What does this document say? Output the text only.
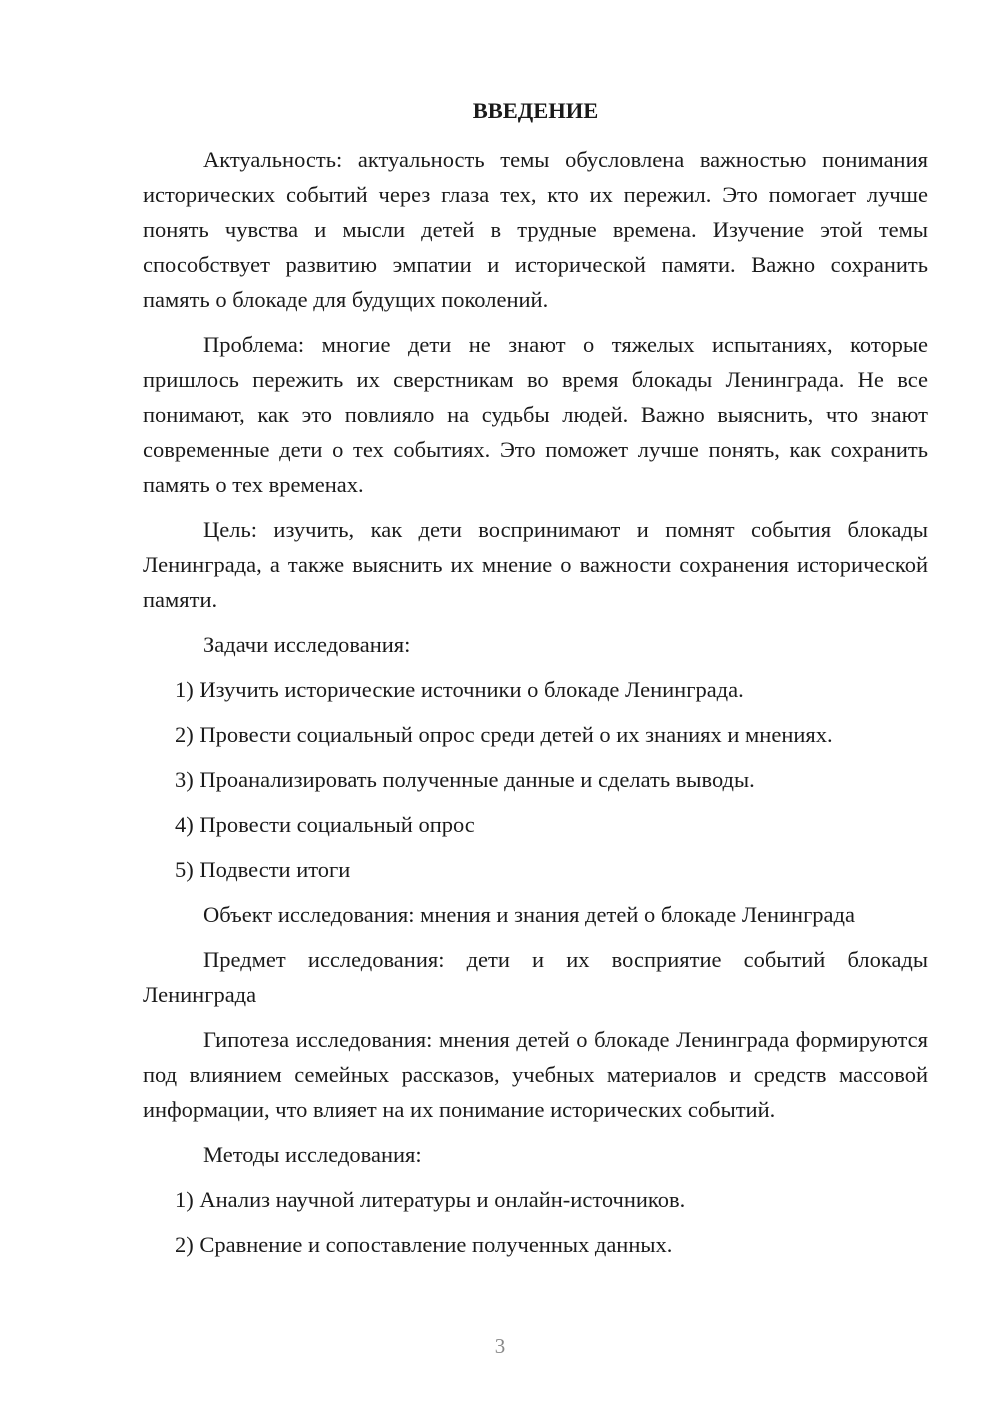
ВВЕДЕНИЕ

Актуальность: актуальность темы обусловлена важностью понимания исторических событий через глаза тех, кто их пережил. Это помогает лучше понять чувства и мысли детей в трудные времена. Изучение этой темы способствует развитию эмпатии и исторической памяти. Важно сохранить память о блокаде для будущих поколений.

Проблема: многие дети не знают о тяжелых испытаниях, которые пришлось пережить их сверстникам во время блокады Ленинграда. Не все понимают, как это повлияло на судьбы людей. Важно выяснить, что знают современные дети о тех событиях. Это поможет лучше понять, как сохранить память о тех временах.

Цель: изучить, как дети воспринимают и помнят события блокады Ленинграда, а также выяснить их мнение о важности сохранения исторической памяти.

Задачи исследования:

1) Изучить исторические источники о блокаде Ленинграда.
2) Провести социальный опрос среди детей о их знаниях и мнениях.
3) Проанализировать полученные данные и сделать выводы.
4) Провести социальный опрос
5) Подвести итоги

Объект исследования: мнения и знания детей о блокаде Ленинграда

Предмет исследования: дети и их восприятие событий блокады Ленинграда

Гипотеза исследования: мнения детей о блокаде Ленинграда формируются под влиянием семейных рассказов, учебных материалов и средств массовой информации, что влияет на их понимание исторических событий.

Методы исследования:

1) Анализ научной литературы и онлайн-источников.
2) Сравнение и сопоставление полученных данных.
3
